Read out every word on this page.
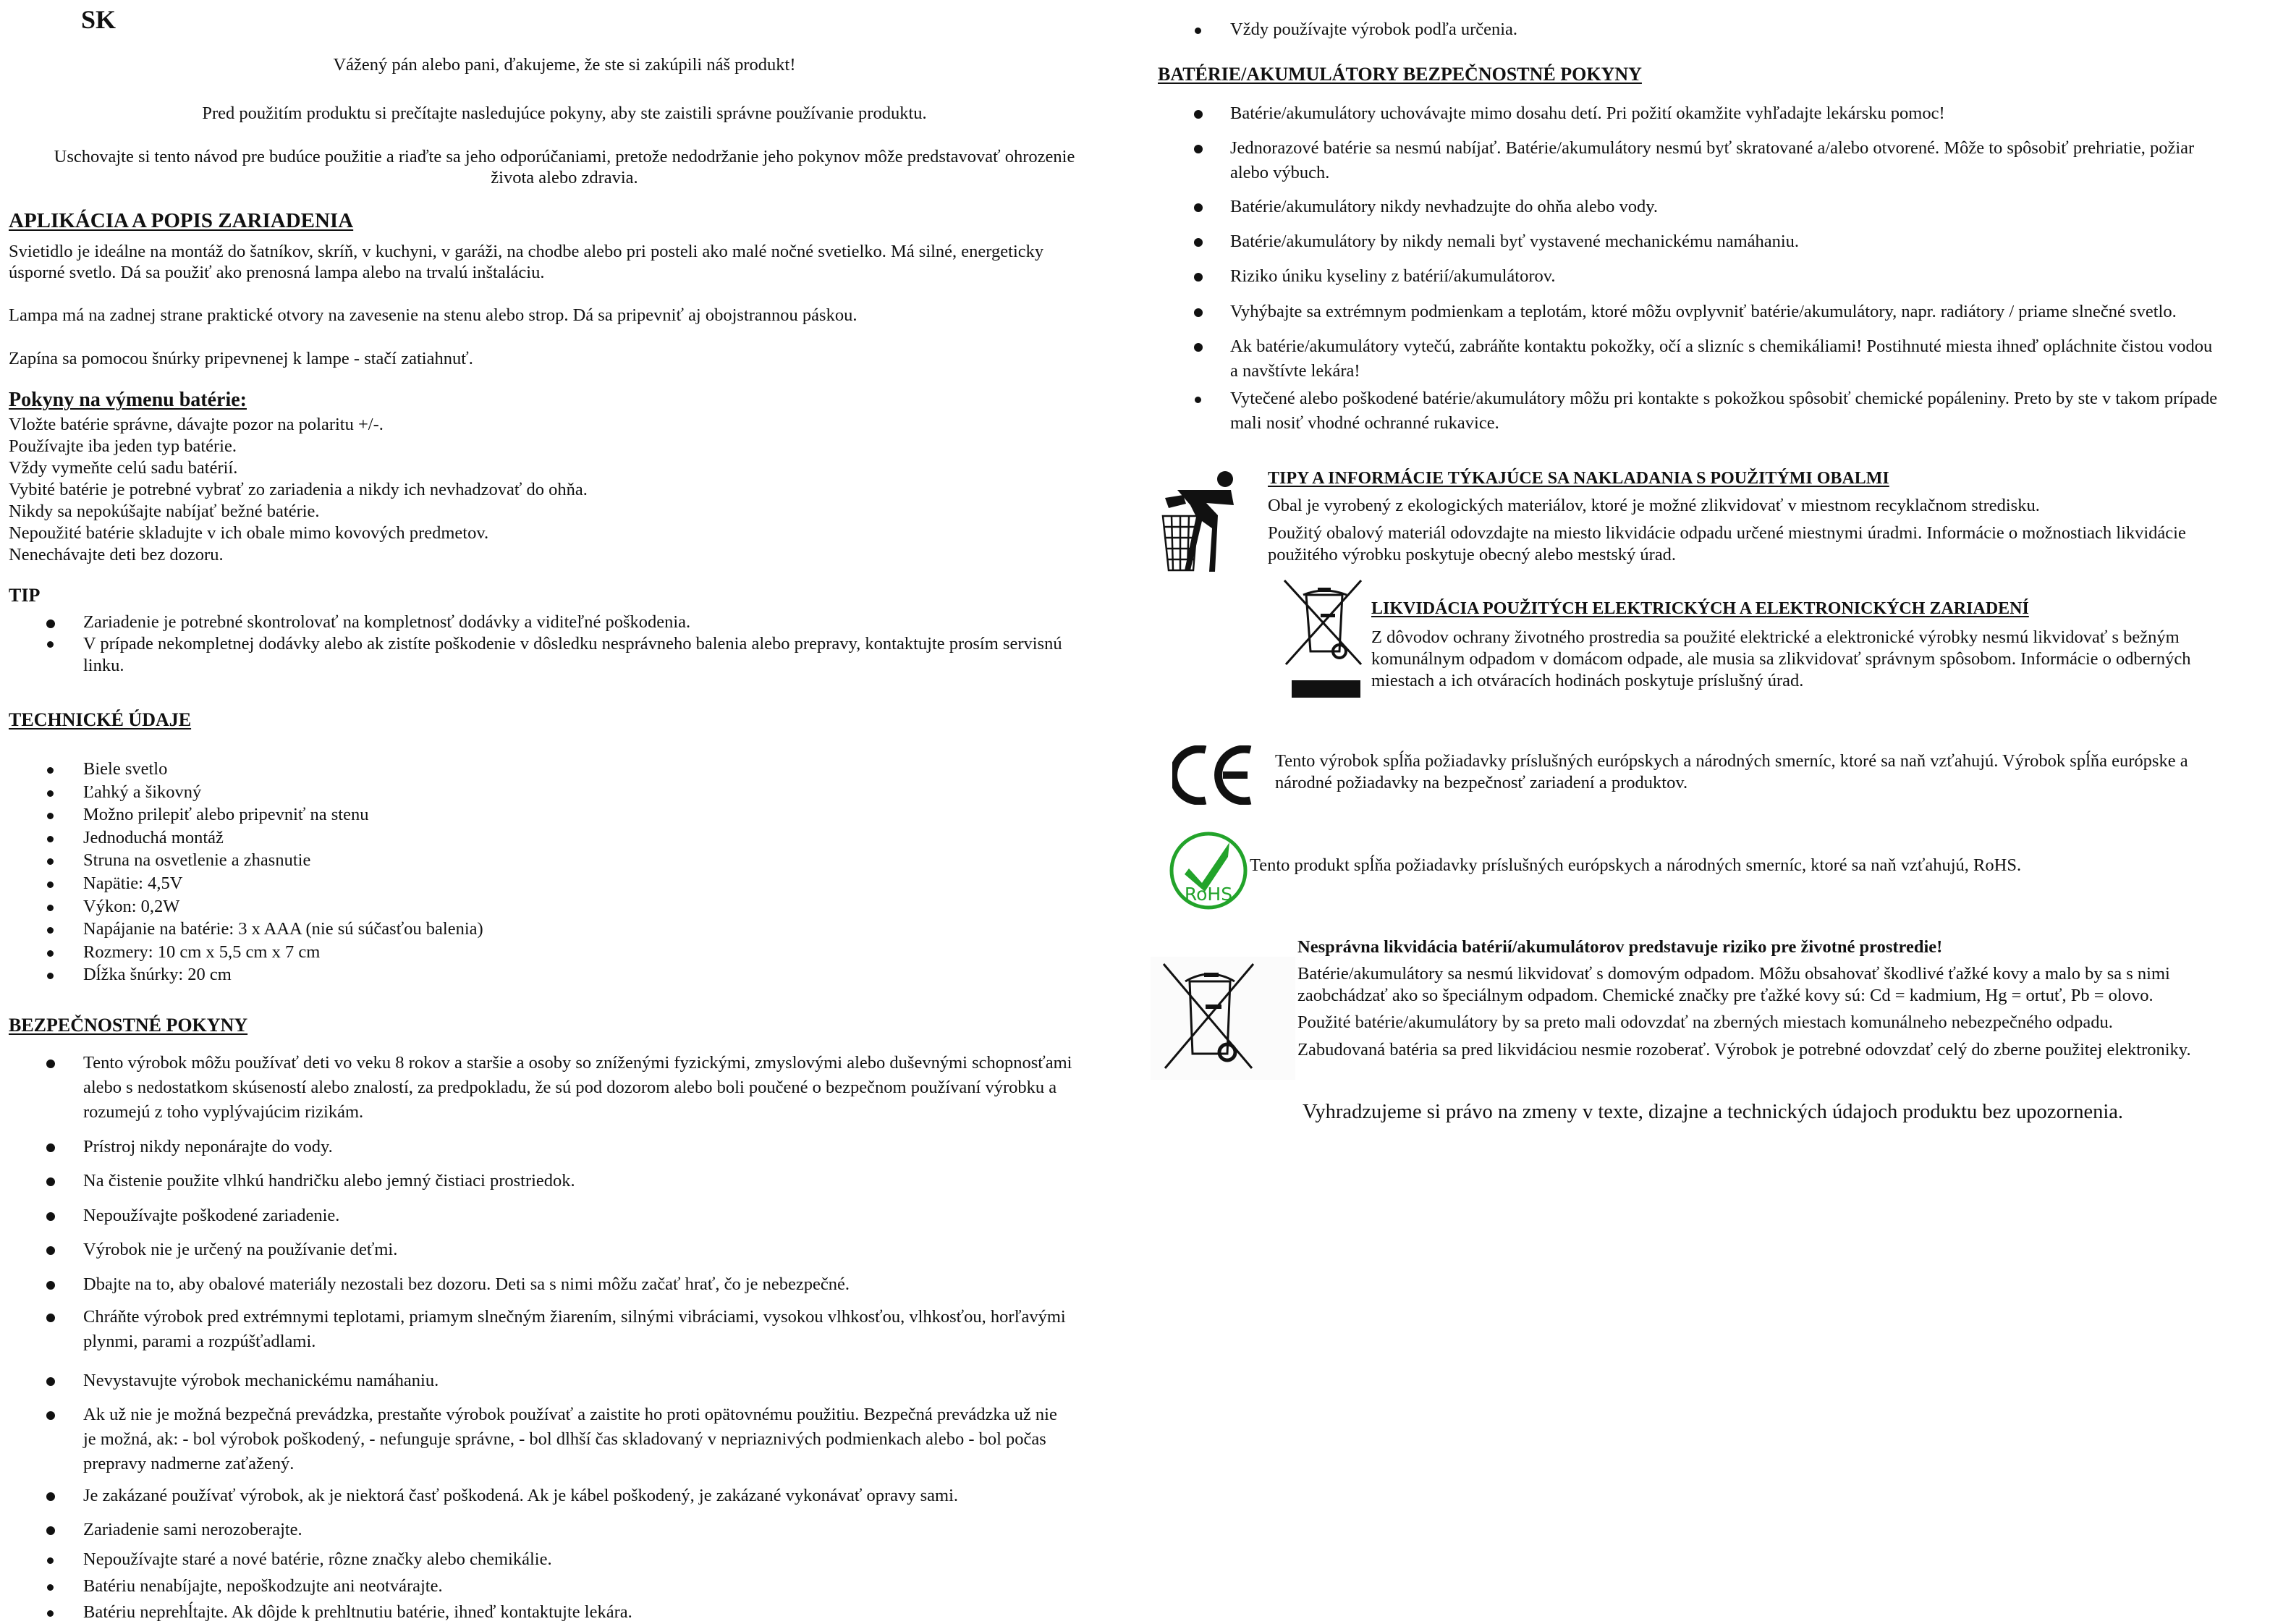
SK
Vážený pán alebo pani, ďakujeme, že ste si zakúpili náš produkt!
Pred použitím produktu si prečítajte nasledujúce pokyny, aby ste zaistili správne používanie produktu.
Uschovajte si tento návod pre budúce použitie a riaďte sa jeho odporúčaniami, pretože nedodržanie jeho pokynov môže predstavovať ohrozenie
života alebo zdravia.
APLIKÁCIA A POPIS ZARIADENIA
Svietidlo je ideálne na montáž do šatníkov, skríň, v kuchyni, v garáži, na chodbe alebo pri posteli ako malé nočné svetielko. Má silné, energeticky
úsporné svetlo. Dá sa použiť ako prenosná lampa alebo na trvalú inštaláciu.
Lampa má na zadnej strane praktické otvory na zavesenie na stenu alebo strop. Dá sa pripevniť aj obojstrannou páskou.
Zapína sa pomocou šnúrky pripevnenej k lampe - stačí zatiahnuť.
Pokyny na výmenu batérie:
Vložte batérie správne, dávajte pozor na polaritu +/-.
Používajte iba jeden typ batérie.
Vždy vymeňte celú sadu batérií.
Vybité batérie je potrebné vybrať zo zariadenia a nikdy ich nevhadzovať do ohňa.
Nikdy sa nepokúšajte nabíjať bežné batérie.
Nepoužité batérie skladujte v ich obale mimo kovových predmetov.
Nenechávajte deti bez dozoru.
TIP
Zariadenie je potrebné skontrolovať na kompletnosť dodávky a viditeľné poškodenia.
V prípade nekompletnej dodávky alebo ak zistíte poškodenie v dôsledku nesprávneho balenia alebo prepravy, kontaktujte prosím servisnú
linku.
TECHNICKÉ ÚDAJE
Biele svetlo
Ľahký a šikovný
Možno prilepiť alebo pripevniť na stenu
Jednoduchá montáž
Struna na osvetlenie a zhasnutie
Napätie: 4,5V
Výkon: 0,2W
Napájanie na batérie: 3 x AAA (nie sú súčasťou balenia)
Rozmery: 10 cm x 5,5 cm x 7 cm
Dĺžka šnúrky: 20 cm
BEZPEČNOSTNÉ POKYNY
Tento výrobok môžu používať deti vo veku 8 rokov a staršie a osoby so zníženými fyzickými, zmyslovými alebo duševnými schopnosťami
alebo s nedostatkom skúseností alebo znalostí, za predpokladu, že sú pod dozorom alebo boli poučené o bezpečnom používaní výrobku a
rozumejú z toho vyplývajúcim rizikám.
Prístroj nikdy neponárajte do vody.
Na čistenie použite vlhkú handričku alebo jemný čistiaci prostriedok.
Nepoužívajte poškodené zariadenie.
Výrobok nie je určený na používanie deťmi.
Dbajte na to, aby obalové materiály nezostali bez dozoru. Deti sa s nimi môžu začať hrať, čo je nebezpečné.
Chráňte výrobok pred extrémnymi teplotami, priamym slnečným žiarením, silnými vibráciami, vysokou vlhkosťou, vlhkosťou, horľavými
plynmi, parami a rozpúšťadlami.
Nevystavujte výrobok mechanickému namáhaniu.
Ak už nie je možná bezpečná prevádzka, prestaňte výrobok používať a zaistite ho proti opätovnému použitiu. Bezpečná prevádzka už nie
je možná, ak: - bol výrobok poškodený, - nefunguje správne, - bol dlhší čas skladovaný v nepriaznivých podmienkach alebo - bol počas
prepravy nadmerne zaťažený.
Je zakázané používať výrobok, ak je niektorá časť poškodená. Ak je kábel poškodený, je zakázané vykonávať opravy sami.
Zariadenie sami nerozoberajte.
Nepoužívajte staré a nové batérie, rôzne značky alebo chemikálie.
Batériu nenabíjajte, nepoškodzujte ani neotvárajte.
Batériu neprehĺtajte. Ak dôjde k prehltnutiu batérie, ihneď kontaktujte lekára.
Vždy používajte výrobok podľa určenia.
BATÉRIE/AKUMULÁTORY BEZPEČNOSTNÉ POKYNY
Batérie/akumulátory uchovávajte mimo dosahu detí. Pri požití okamžite vyhľadajte lekársku pomoc!
Jednorazové batérie sa nesmú nabíjať. Batérie/akumulátory nesmú byť skratované a/alebo otvorené. Môže to spôsobiť prehriatie, požiar
alebo výbuch.
Batérie/akumulátory nikdy nevhadzujte do ohňa alebo vody.
Batérie/akumulátory by nikdy nemali byť vystavené mechanickému namáhaniu.
Riziko úniku kyseliny z batérií/akumulátorov.
Vyhýbajte sa extrémnym podmienkam a teplotám, ktoré môžu ovplyvniť batérie/akumulátory, napr. radiátory / priame slnečné svetlo.
Ak batérie/akumulátory vytečú, zabráňte kontaktu pokožky, očí a slizníc s chemikáliami! Postihnuté miesta ihneď opláchnite čistou vodou
a navštívte lekára!
Vytečené alebo poškodené batérie/akumulátory môžu pri kontakte s pokožkou spôsobiť chemické popáleniny. Preto by ste v takom prípade
mali nosiť vhodné ochranné rukavice.
TIPY A INFORMÁCIE TÝKAJÚCE SA NAKLADANIA S POUŽITÝMI OBALMI
Obal je vyrobený z ekologických materiálov, ktoré je možné zlikvidovať v miestnom recyklačnom stredisku.
Použitý obalový materiál odovzdajte na miesto likvidácie odpadu určené miestnymi úradmi. Informácie o možnostiach likvidácie
použitého výrobku poskytuje obecný alebo mestský úrad.
LIKVIDÁCIA POUŽITÝCH ELEKTRICKÝCH A ELEKTRONICKÝCH ZARIADENÍ
Z dôvodov ochrany životného prostredia sa použité elektrické a elektronické výrobky nesmú likvidovať s bežným
komunálnym odpadom v domácom odpade, ale musia sa zlikvidovať správnym spôsobom. Informácie o odberných
miestach a ich otváracích hodinách poskytuje príslušný úrad.
Tento výrobok spĺňa požiadavky príslušných európskych a národných smerníc, ktoré sa naň vzťahujú. Výrobok spĺňa európske a
národné požiadavky na bezpečnosť zariadení a produktov.
RoHS
Tento produkt spĺňa požiadavky príslušných európskych a národných smerníc, ktoré sa naň vzťahujú, RoHS.
Nesprávna likvidácia batérií/akumulátorov predstavuje riziko pre životné prostredie!
Batérie/akumulátory sa nesmú likvidovať s domovým odpadom. Môžu obsahovať škodlivé ťažké kovy a malo by sa s nimi
zaobchádzať ako so špeciálnym odpadom. Chemické značky pre ťažké kovy sú: Cd = kadmium, Hg = ortuť, Pb = olovo.
Použité batérie/akumulátory by sa preto mali odovzdať na zberných miestach komunálneho nebezpečného odpadu.
Zabudovaná batéria sa pred likvidáciou nesmie rozoberať. Výrobok je potrebné odovzdať celý do zberne použitej elektroniky.
Vyhradzujeme si právo na zmeny v texte, dizajne a technických údajoch produktu bez upozornenia.
